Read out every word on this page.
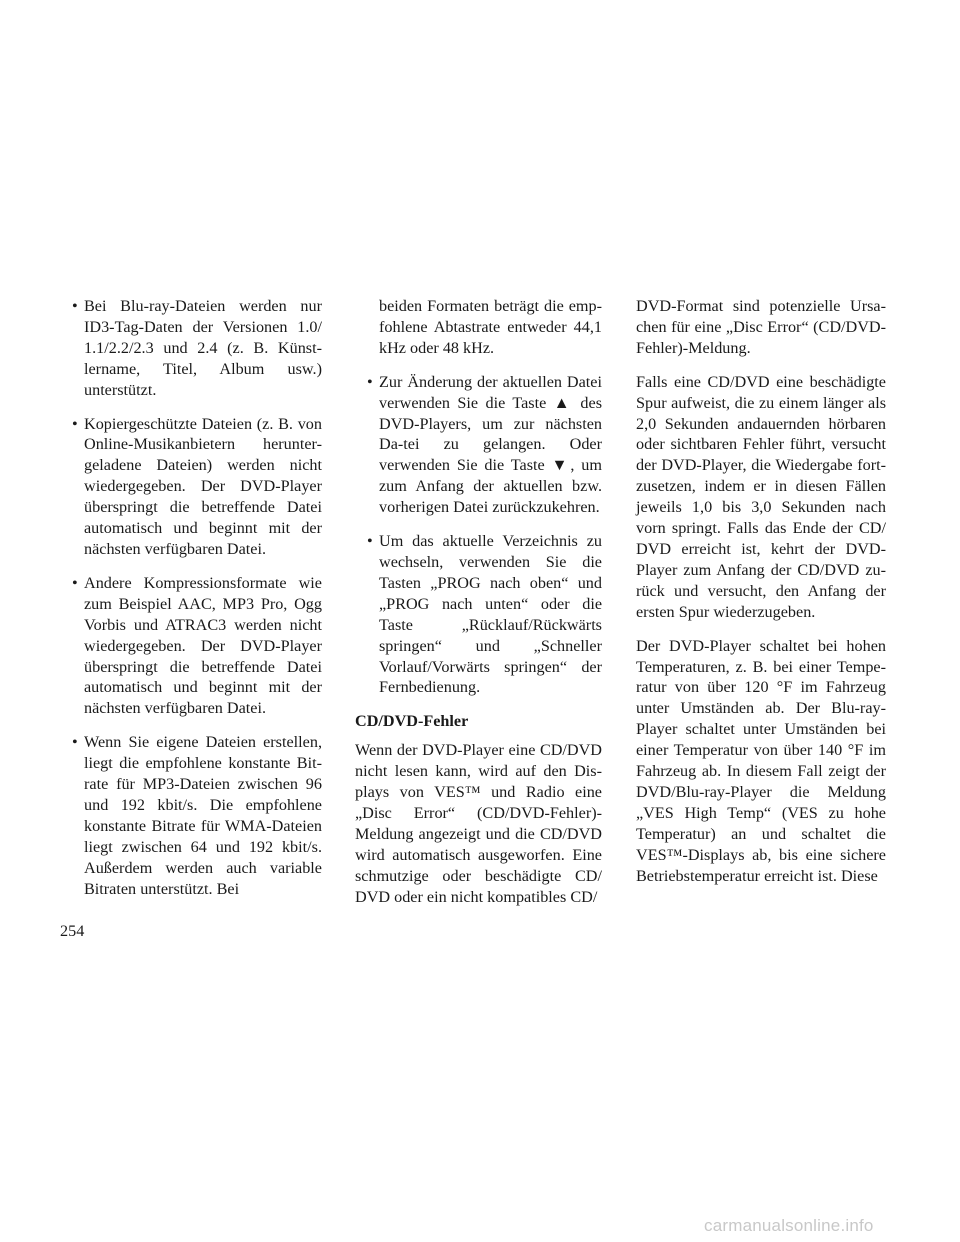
• Bei Blu-ray-Dateien werden nur ID3-Tag-Daten der Versionen 1.0/ 1.1/2.2/2.3 und 2.4 (z. B. Künst-lername, Titel, Album usw.) unterstützt.
• Kopiergeschützte Dateien (z. B. von Online-Musikanbietern herunter-geladene Dateien) werden nicht wiedergegeben. Der DVD-Player überspringt die betreffende Datei automatisch und beginnt mit der nächsten verfügbaren Datei.
• Andere Kompressionsformate wie zum Beispiel AAC, MP3 Pro, Ogg Vorbis und ATRAC3 werden nicht wiedergegeben. Der DVD-Player überspringt die betreffende Datei automatisch und beginnt mit der nächsten verfügbaren Datei.
• Wenn Sie eigene Dateien erstellen, liegt die empfohlene konstante Bit-rate für MP3-Dateien zwischen 96 und 192 kbit/s. Die empfohlene konstante Bitrate für WMA-Dateien liegt zwischen 64 und 192 kbit/s. Außerdem werden auch variable Bitraten unterstützt. Bei
beiden Formaten beträgt die emp-fohlene Abtastrate entweder 44,1 kHz oder 48 kHz.
• Zur Änderung der aktuellen Datei verwenden Sie die Taste ▲ des DVD-Players, um zur nächsten Da-tei zu gelangen. Oder verwenden Sie die Taste ▼, um zum Anfang der aktuellen bzw. vorherigen Datei zurückzukehren.
• Um das aktuelle Verzeichnis zu wechseln, verwenden Sie die Tasten „PROG nach oben“ und „PROG nach unten“ oder die Taste „Rücklauf/Rückwärts springen“ und „Schneller Vorlauf/Vorwärts springen“ der Fernbedienung.
CD/DVD-Fehler

Wenn der DVD-Player eine CD/DVD nicht lesen kann, wird auf den Dis-plays von VES™ und Radio eine „Disc Error“ (CD/DVD-Fehler)-Meldung angezeigt und die CD/DVD wird automatisch ausgeworfen. Eine schmutzige oder beschädigte CD/ DVD oder ein nicht kompatibles CD/

DVD-Format sind potenzielle Ursa-chen für eine „Disc Error“ (CD/DVD-Fehler)-Meldung.

Falls eine CD/DVD eine beschädigte Spur aufweist, die zu einem länger als 2,0 Sekunden andauernden hörbaren oder sichtbaren Fehler führt, versucht der DVD-Player, die Wiedergabe fort-zusetzen, indem er in diesen Fällen jeweils 1,0 bis 3,0 Sekunden nach vorn springt. Falls das Ende der CD/ DVD erreicht ist, kehrt der DVD-Player zum Anfang der CD/DVD zu-rück und versucht, den Anfang der ersten Spur wiederzugeben.

Der DVD-Player schaltet bei hohen Temperaturen, z. B. bei einer Tempe-ratur von über 120 °F im Fahrzeug unter Umständen ab. Der Blu-ray-Player schaltet unter Umständen bei einer Temperatur von über 140 °F im Fahrzeug ab. In diesem Fall zeigt der DVD/Blu-ray-Player die Meldung „VES High Temp“ (VES zu hohe Temperatur) an und schaltet die VES™-Displays ab, bis eine sichere Betriebstemperatur erreicht ist. Diese

254
carmanualsonline.info
